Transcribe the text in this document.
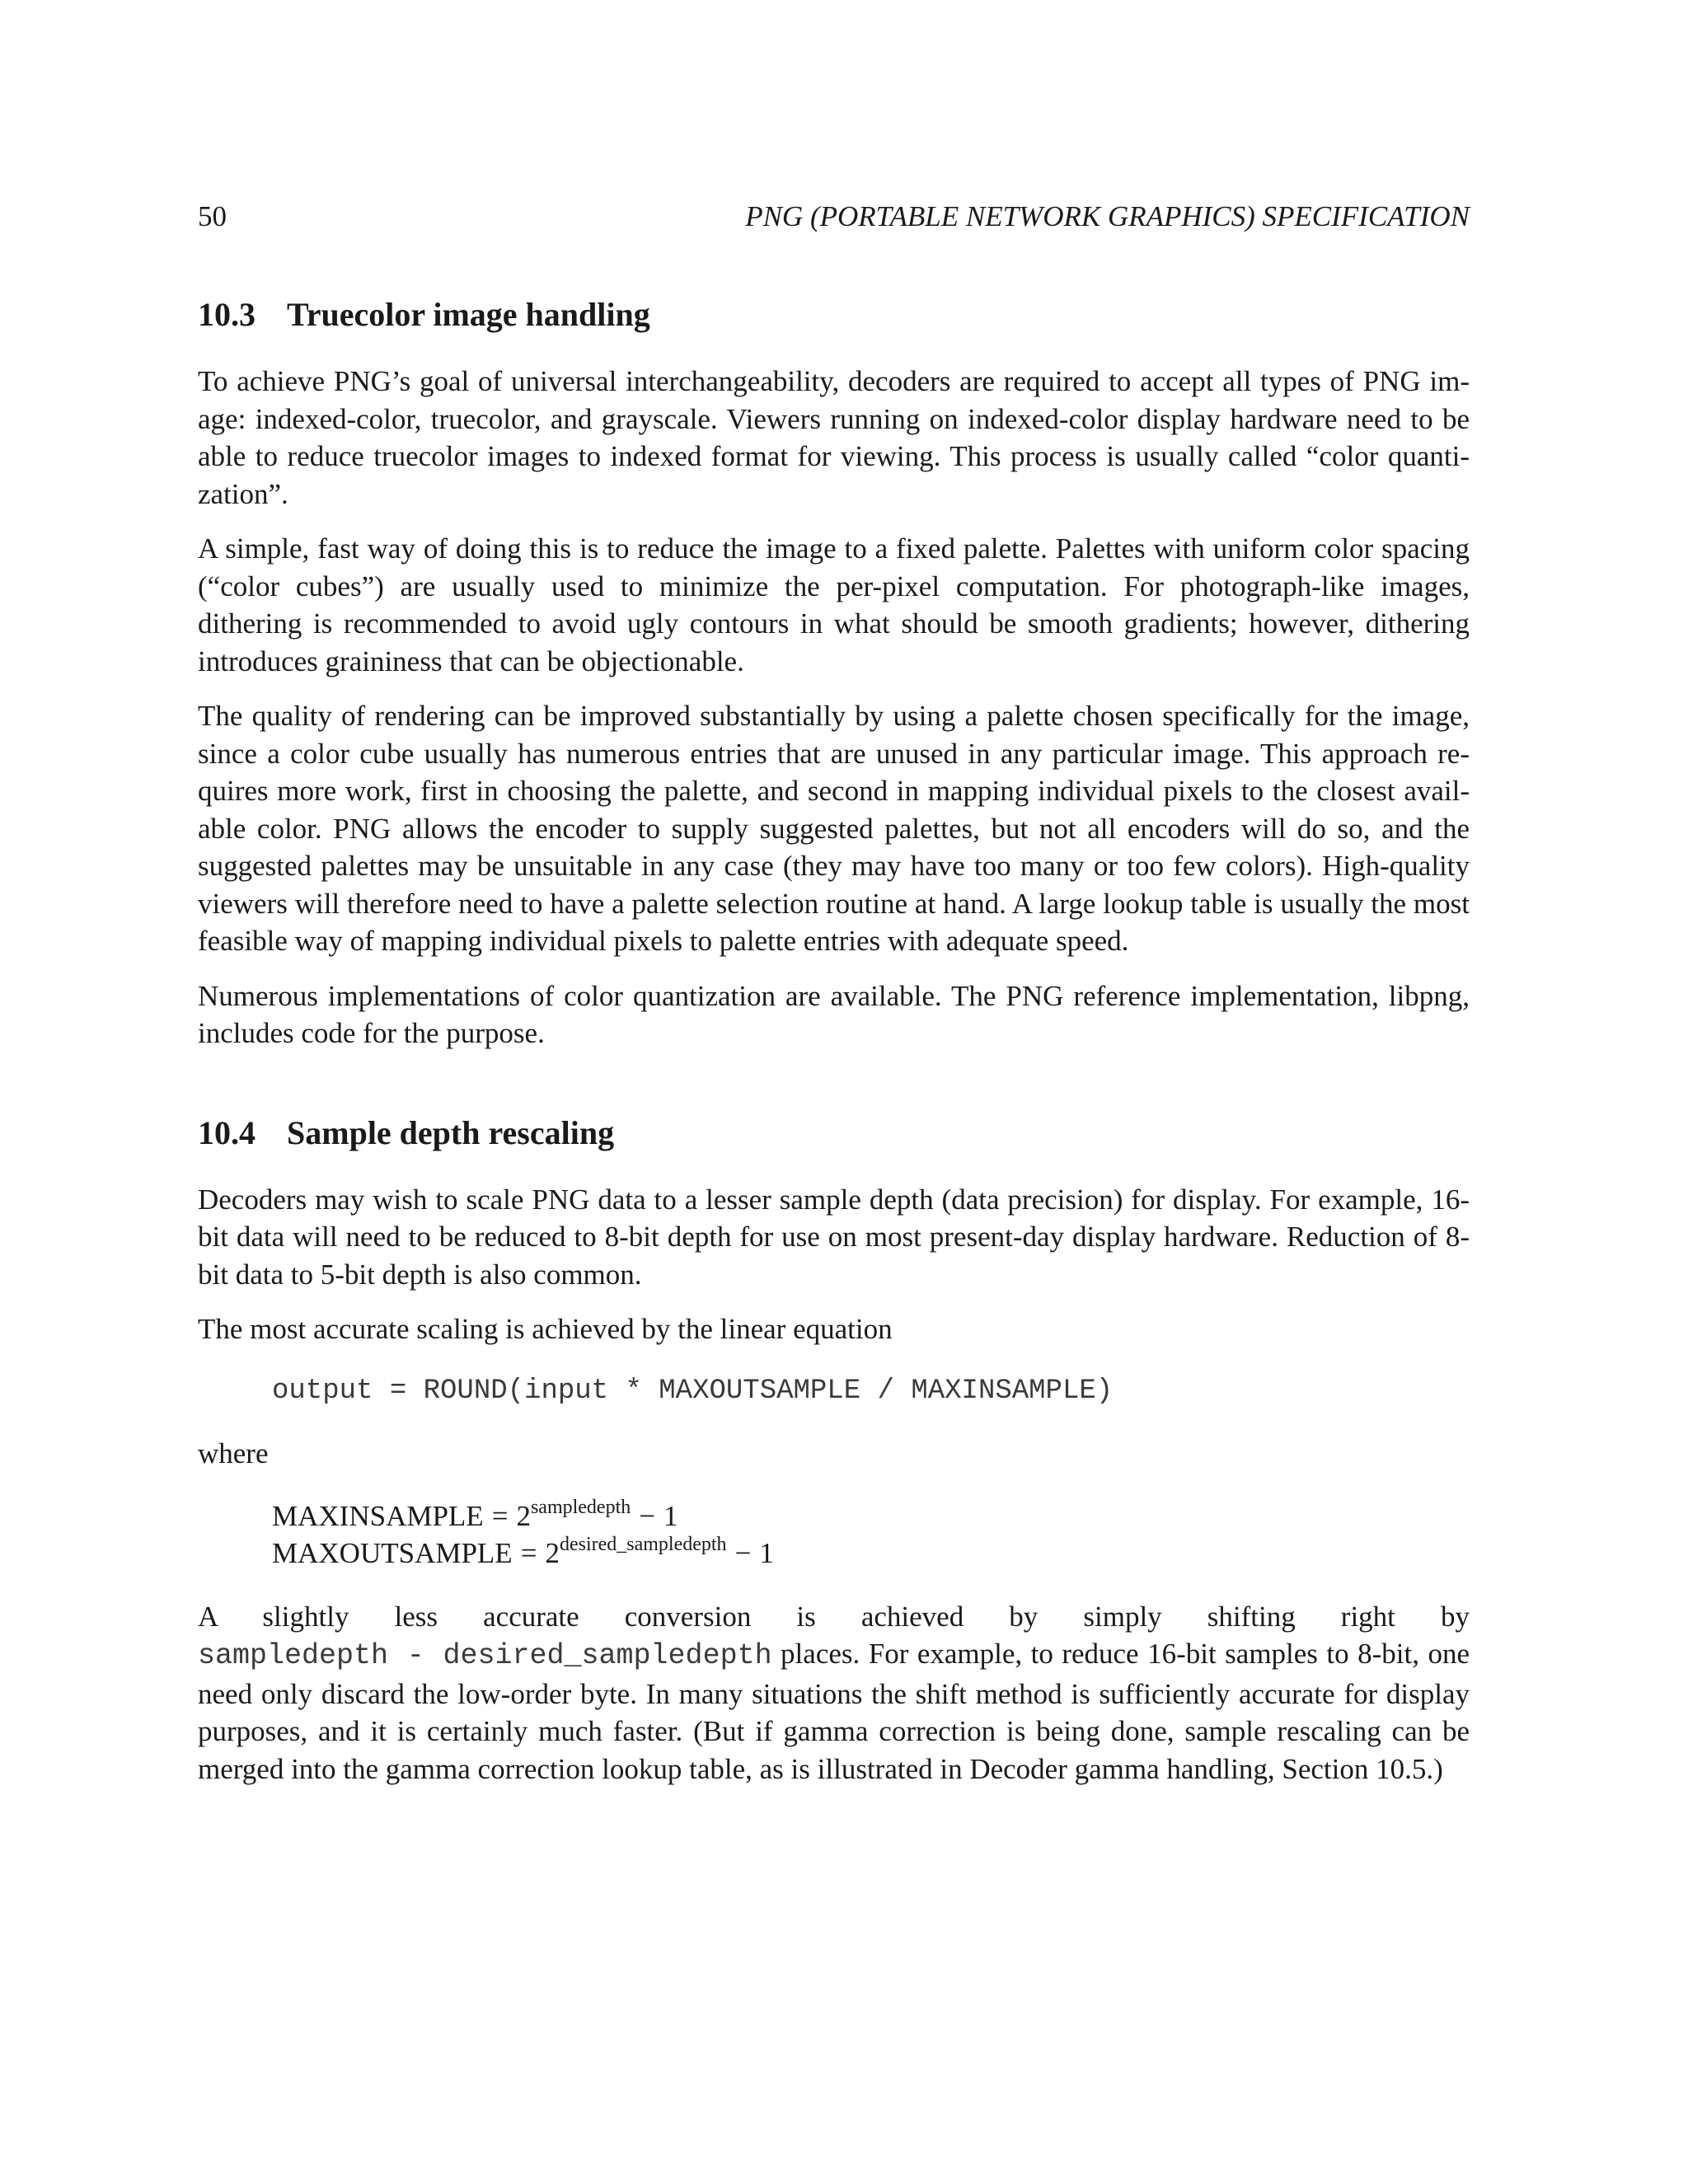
50	PNG (PORTABLE NETWORK GRAPHICS) SPECIFICATION
10.3 Truecolor image handling

To achieve PNG’s goal of universal interchangeability, decoders are required to accept all types of PNG image: indexed-color, truecolor, and grayscale. Viewers running on indexed-color display hardware need to be able to reduce truecolor images to indexed format for viewing. This process is usually called “color quantization”.

A simple, fast way of doing this is to reduce the image to a fixed palette. Palettes with uniform color spacing (“color cubes”) are usually used to minimize the per-pixel computation. For photograph-like images, dithering is recommended to avoid ugly contours in what should be smooth gradients; however, dithering introduces graininess that can be objectionable.

The quality of rendering can be improved substantially by using a palette chosen specifically for the image, since a color cube usually has numerous entries that are unused in any particular image. This approach requires more work, first in choosing the palette, and second in mapping individual pixels to the closest available color. PNG allows the encoder to supply suggested palettes, but not all encoders will do so, and the suggested palettes may be unsuitable in any case (they may have too many or too few colors). High-quality viewers will therefore need to have a palette selection routine at hand. A large lookup table is usually the most feasible way of mapping individual pixels to palette entries with adequate speed.

Numerous implementations of color quantization are available. The PNG reference implementation, libpng, includes code for the purpose.

10.4 Sample depth rescaling

Decoders may wish to scale PNG data to a lesser sample depth (data precision) for display. For example, 16-bit data will need to be reduced to 8-bit depth for use on most present-day display hardware. Reduction of 8-bit data to 5-bit depth is also common.

The most accurate scaling is achieved by the linear equation

output = ROUND(input * MAXOUTSAMPLE / MAXINSAMPLE)

where

MAXINSAMPLE = $2^{sampledepth} - 1$
MAXOUTSAMPLE = $2^{desired\_sampledepth} - 1$

A slightly less accurate conversion is achieved by simply shifting right by
sampledepth - desired_sampledepth places. For example, to reduce 16-bit samples to 8-bit, one need only discard the low-order byte. In many situations the shift method is sufficiently accurate for display purposes, and it is certainly much faster. (But if gamma correction is being done, sample rescaling can be merged into the gamma correction lookup table, as is illustrated in Decoder gamma handling, Section 10.5.)
